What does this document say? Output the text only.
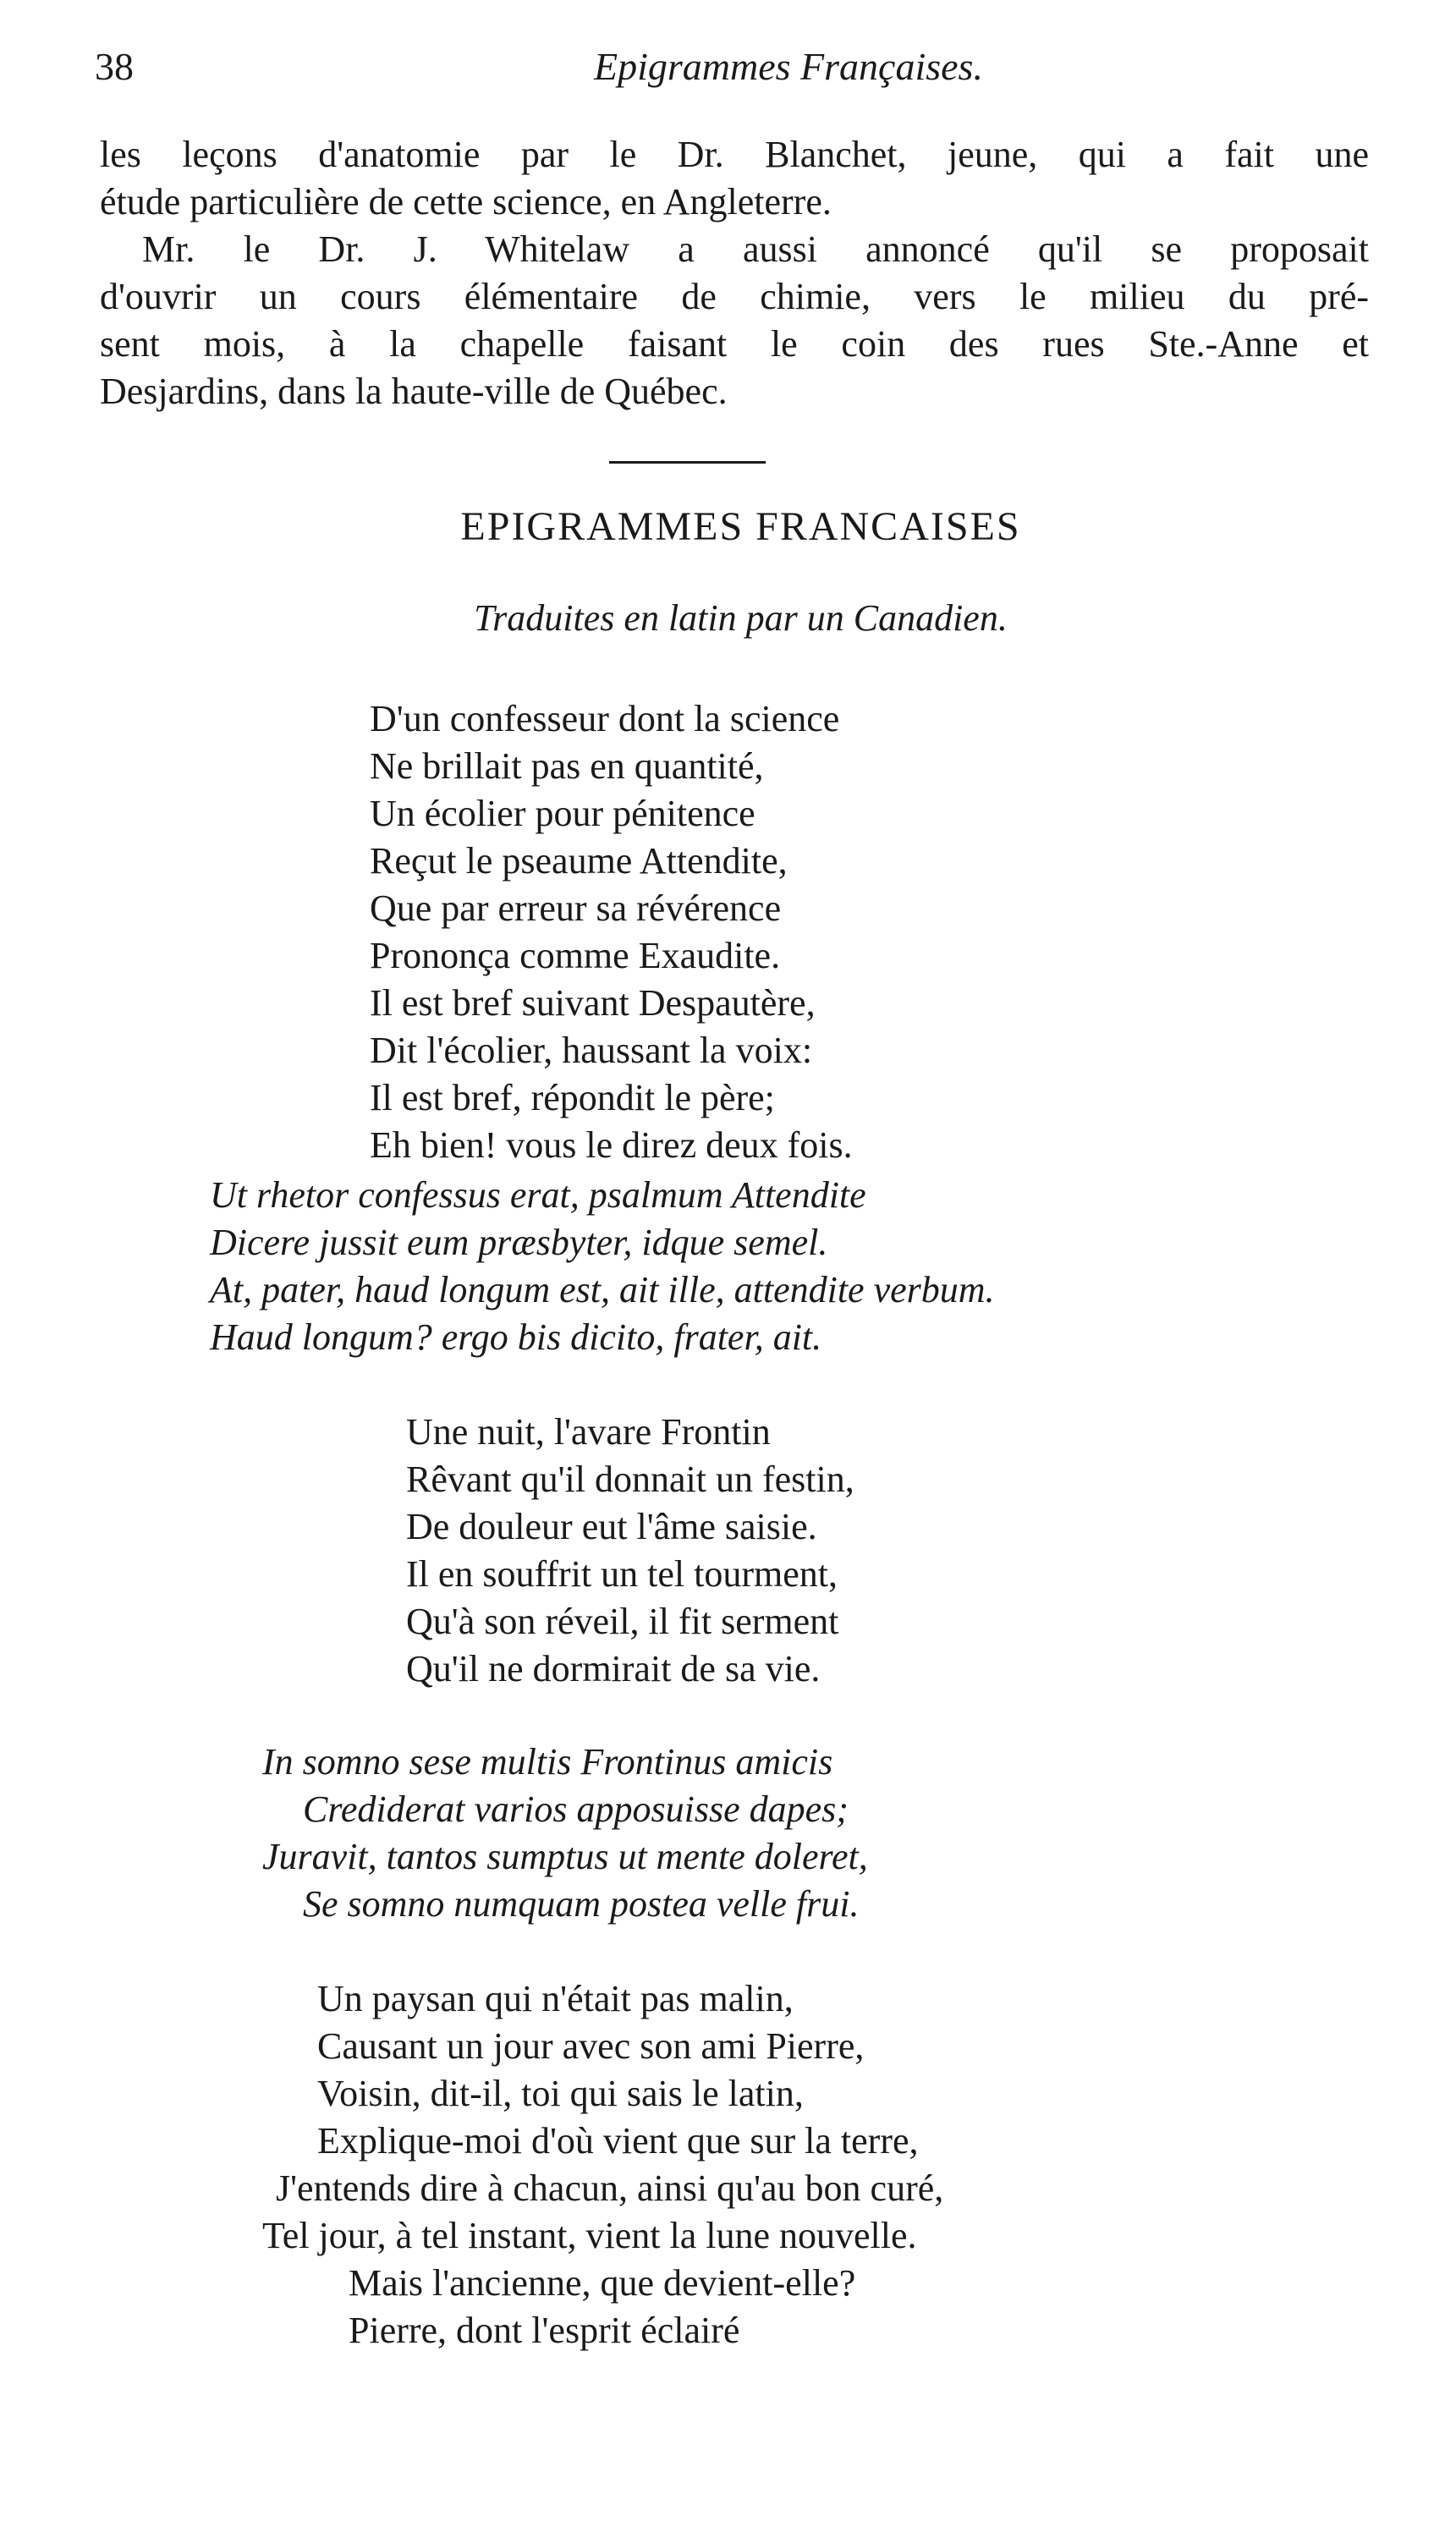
38	Epigrammes Françaises.
les leçons d'anatomie par le Dr. Blanchet, jeune, qui a fait une
étude particulière de cette science, en Angleterre.
Mr. le Dr. J. Whitelaw a aussi annoncé qu'il se proposait
d'ouvrir un cours élémentaire de chimie, vers le milieu du pré-
sent mois, à la chapelle faisant le coin des rues Ste.-Anne et
Desjardins, dans la haute-ville de Québec.
EPIGRAMMES FRANCAISES
Traduites en latin par un Canadien.
D'un confesseur dont la science
Ne brillait pas en quantité,
Un écolier pour pénitence
Reçut le pseaume Attendite,
Que par erreur sa révérence
Prononça comme Exaudite.
Il est bref suivant Despautère,
Dit l'écolier, haussant la voix:
Il est bref, répondit le père;
Eh bien! vous le direz deux fois.
Ut rhetor confessus erat, psalmum Attendite
Dicere jussit eum præsbyter, idque semel.
At, pater, haud longum est, ait ille, attendite verbum.
Haud longum? ergo bis dicito, frater, ait.
Une nuit, l'avare Frontin
Rêvant qu'il donnait un festin,
De douleur eut l'âme saisie.
Il en souffrit un tel tourment,
Qu'à son réveil, il fit serment
Qu'il ne dormirait de sa vie.
In somno sese multis Frontinus amicis
Crediderat varios apposuisse dapes;
Juravit, tantos sumptus ut mente doleret,
Se somno numquam postea velle frui.
Un paysan qui n'était pas malin,
Causant un jour avec son ami Pierre,
Voisin, dit-il, toi qui sais le latin,
Explique-moi d'où vient que sur la terre,
J'entends dire à chacun, ainsi qu'au bon curé,
Tel jour, à tel instant, vient la lune nouvelle.
Mais l'ancienne, que devient-elle?
Pierre, dont l'esprit éclairé
